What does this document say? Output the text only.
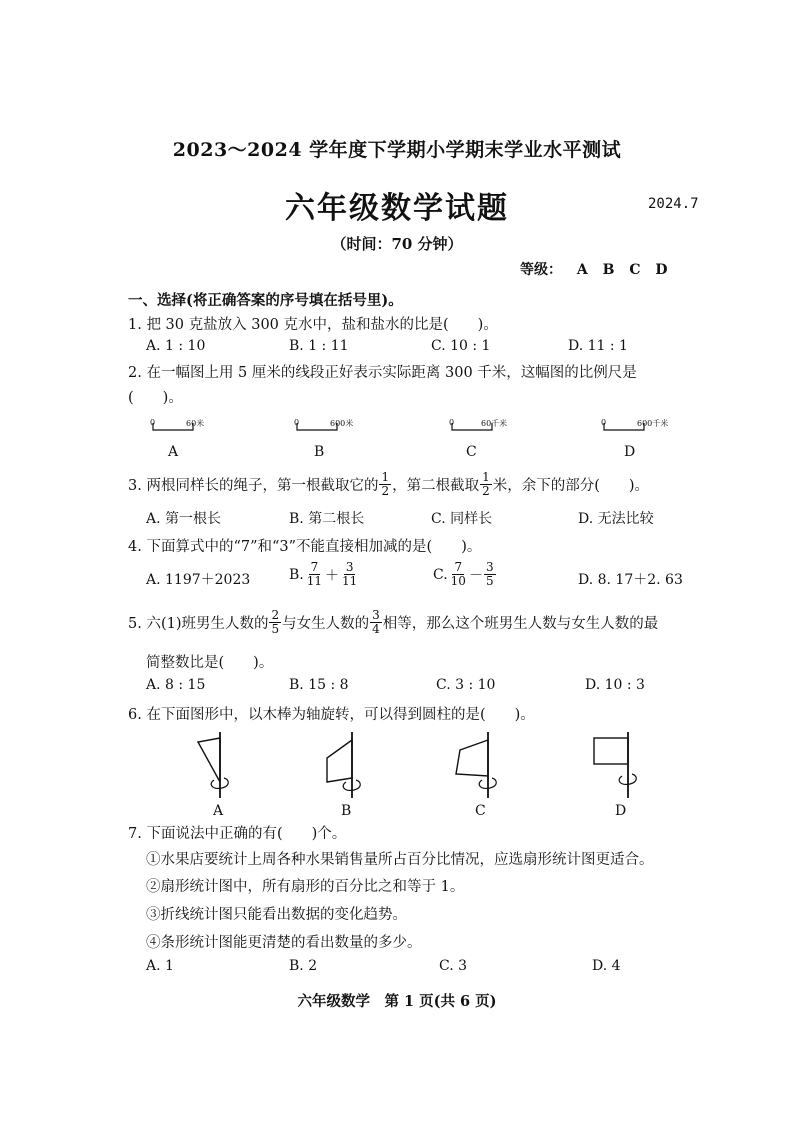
2023～2024 学年度下学期小学期末学业水平测试
六年级数学试题	2024.7
（时间：70 分钟）
等级： A B C D
一、选择(将正确答案的序号填在括号里)。
1. 把 30 克盐放入 300 克水中，盐和盐水的比是(　　)。
A. 1 : 10	B. 1 : 11	C. 10 : 1	D. 11 : 1
2. 在一幅图上用 5 厘米的线段正好表示实际距离 300 千米，这幅图的比例尺是
(　　)。
0	60米
A
0	600米
B
0	60千米
C
0	600千米
D
3. 两根同样长的绳子，第一根截取它的 $\frac{1}{2}$ ，第二根截取 $\frac{1}{2}$ 米，余下的部分(　　)。
A. 第一根长	B. 第二根长	C. 同样长	D. 无法比较
4. 下面算式中的“7”和“3”不能直接相加减的是(　　)。
A. 1197＋2023	B. $\frac{7}{11} + \frac{3}{11}$	C. $\frac{7}{10} - \frac{3}{5}$	D. 8. 17＋2. 63
5. 六(1)班男生人数的 $\frac{2}{5}$ 与女生人数的 $\frac{3}{4}$ 相等，那么这个班男生人数与女生人数的最
简整数比是(　　)。
A. 8 : 15	B. 15 : 8	C. 3 : 10	D. 10 : 3
6. 在下面图形中，以木棒为轴旋转，可以得到圆柱的是(　　)。
A	B	C	D
7. 下面说法中正确的有(　　)个。
①水果店要统计上周各种水果销售量所占百分比情况，应选扇形统计图更适合。
②扇形统计图中，所有扇形的百分比之和等于 1。
③折线统计图只能看出数据的变化趋势。
④条形统计图能更清楚的看出数量的多少。
A. 1	B. 2	C. 3	D. 4
六年级数学　第 1 页(共 6 页)
